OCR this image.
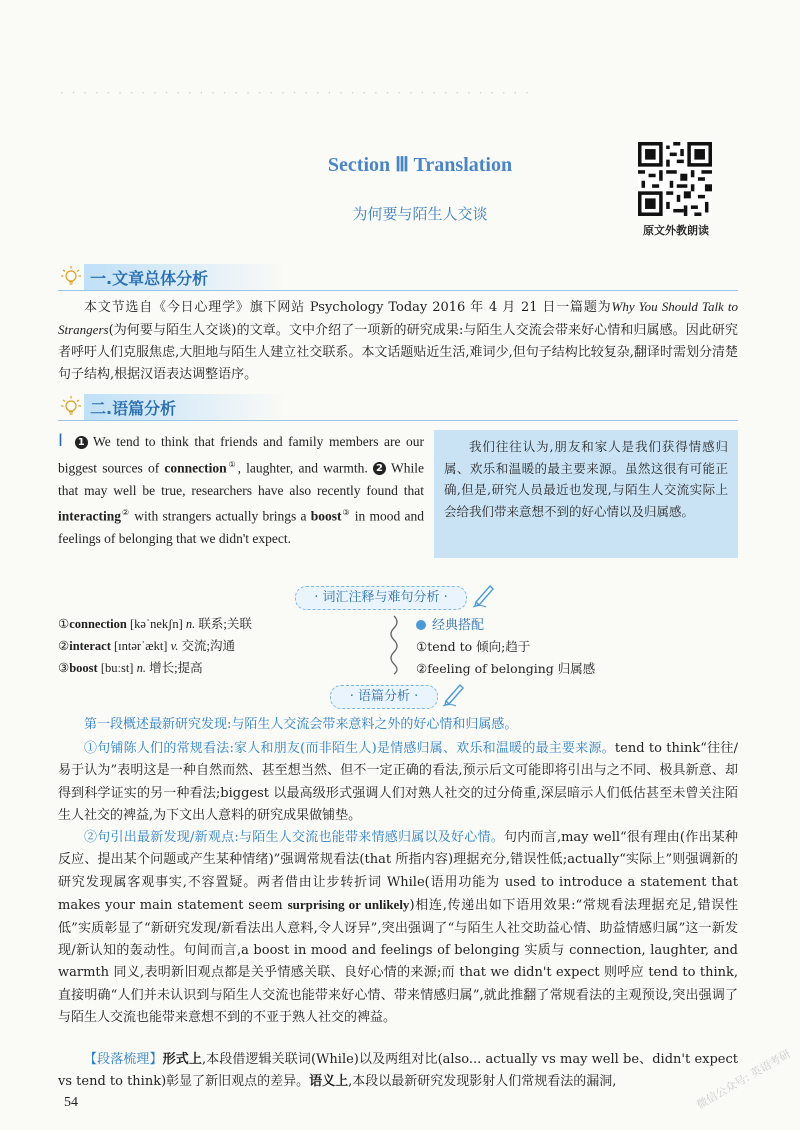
· · · · · · · · · · · · · · · · · · · · · · · · · · · · · · · · · · · · · · · · ·
Section Ⅲ Translation
为何要与陌生人交谈
原文外教朗读
一.文章总体分析
本文节选自《今日心理学》旗下网站 Psychology Today 2016 年 4 月 21 日一篇题为Why You Should Talk to Strangers(为何要与陌生人交谈)的文章。文中介绍了一项新的研究成果:与陌生人交流会带来好心情和归属感。因此研究者呼吁人们克服焦虑,大胆地与陌生人建立社交联系。本文话题贴近生活,难词少,但句子结构比较复杂,翻译时需划分清楚句子结构,根据汉语表达调整语序。
二.语篇分析
Ⅰ 1 We tend to think that friends and family members are our biggest sources of connection①, laughter, and warmth. 2 While that may well be true, researchers have also recently found that interacting② with strangers actually brings a boost③ in mood and feelings of belonging that we didn't expect.
我们往往认为,朋友和家人是我们获得情感归属、欢乐和温暖的最主要来源。虽然这很有可能正确,但是,研究人员最近也发现,与陌生人交流实际上会给我们带来意想不到的好心情以及归属感。
· 词汇注释与难句分析 ·
①connection [kəˈnekʃn] n. 联系;关联
②interact [ɪntərˈækt] v. 交流;沟通
③boost [buːst] n. 增长;提高
经典搭配
①tend to 倾向;趋于
②feeling of belonging 归属感
· 语篇分析 ·
第一段概述最新研究发现:与陌生人交流会带来意料之外的好心情和归属感。
①句铺陈人们的常规看法:家人和朋友(而非陌生人)是情感归属、欢乐和温暖的最主要来源。tend to think“往往/易于认为”表明这是一种自然而然、甚至想当然、但不一定正确的看法,预示后文可能即将引出与之不同、极具新意、却得到科学证实的另一种看法;biggest 以最高级形式强调人们对熟人社交的过分倚重,深层暗示人们低估甚至未曾关注陌生人社交的裨益,为下文出人意料的研究成果做铺垫。
②句引出最新发现/新观点:与陌生人交流也能带来情感归属以及好心情。句内而言,may well“很有理由(作出某种反应、提出某个问题或产生某种情绪)”强调常规看法(that 所指内容)理据充分,错误性低;actually“实际上”则强调新的研究发现属客观事实,不容置疑。两者借由让步转折词 While(语用功能为 used to introduce a statement that makes your main statement seem surprising or unlikely)相连,传递出如下语用效果:“常规看法理据充足,错误性低”实质彰显了“新研究发现/新看法出人意料,令人讶异”,突出强调了“与陌生人社交助益心情、助益情感归属”这一新发现/新认知的轰动性。句间而言,a boost in mood and feelings of belonging 实质与 connection, laughter, and warmth 同义,表明新旧观点都是关乎情感关联、良好心情的来源;而 that we didn't expect 则呼应 tend to think,直接明确“人们并未认识到与陌生人交流也能带来好心情、带来情感归属”,就此推翻了常规看法的主观预设,突出强调了与陌生人交流也能带来意想不到的不亚于熟人社交的裨益。
【段落梳理】形式上,本段借逻辑关联词(While)以及两组对比(also... actually vs may well be、didn't expect vs tend to think)彰显了新旧观点的差异。语义上,本段以最新研究发现影射人们常规看法的漏洞,
54	微信公众号: 英语考研
